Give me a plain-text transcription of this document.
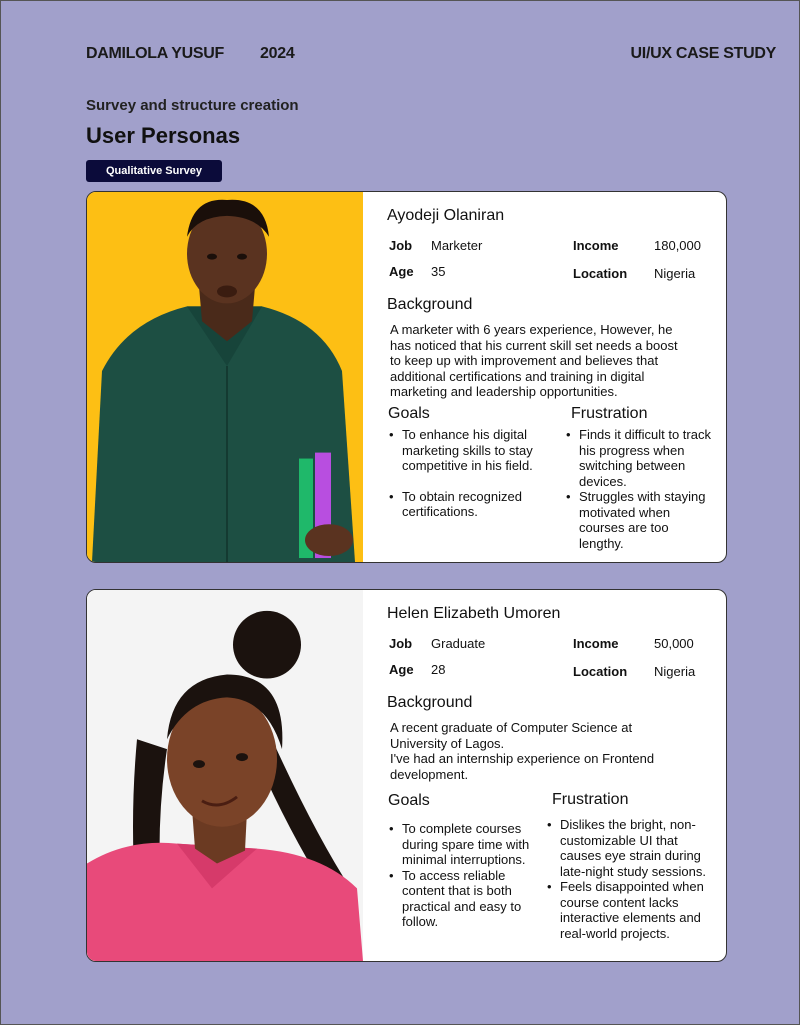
DAMILOLA YUSUF 2024	UI/UX CASE STUDY
Survey and structure creation
User Personas
Qualitative Survey
Ayodeji Olaniran
Job Marketer
Age 35
Income	180,000
Location Nigeria
Background
A marketer with 6 years experience, However, he has noticed that his current skill set needs a boost to keep up with improvement and believes that additional certifications and training in digital marketing and leadership opportunities.
Goals
• To enhance his digital marketing skills to stay competitive in his field.
• To obtain recognized certifications.
Frustration
• Finds it difficult to track his progress when switching between devices.
• Struggles with staying motivated when courses are too lengthy.
Helen Elizabeth Umoren
Job Graduate
Age 28
Income	50,000
Location Nigeria
Background
A recent graduate of Computer Science at University of Lagos.
I've had an internship experience on Frontend development.
Goals
• To complete courses during spare time with minimal interruptions.
• To access reliable content that is both practical and easy to follow.
Frustration
• Dislikes the bright, non-customizable UI that causes eye strain during late-night study sessions.
• Feels disappointed when course content lacks interactive elements and real-world projects.
